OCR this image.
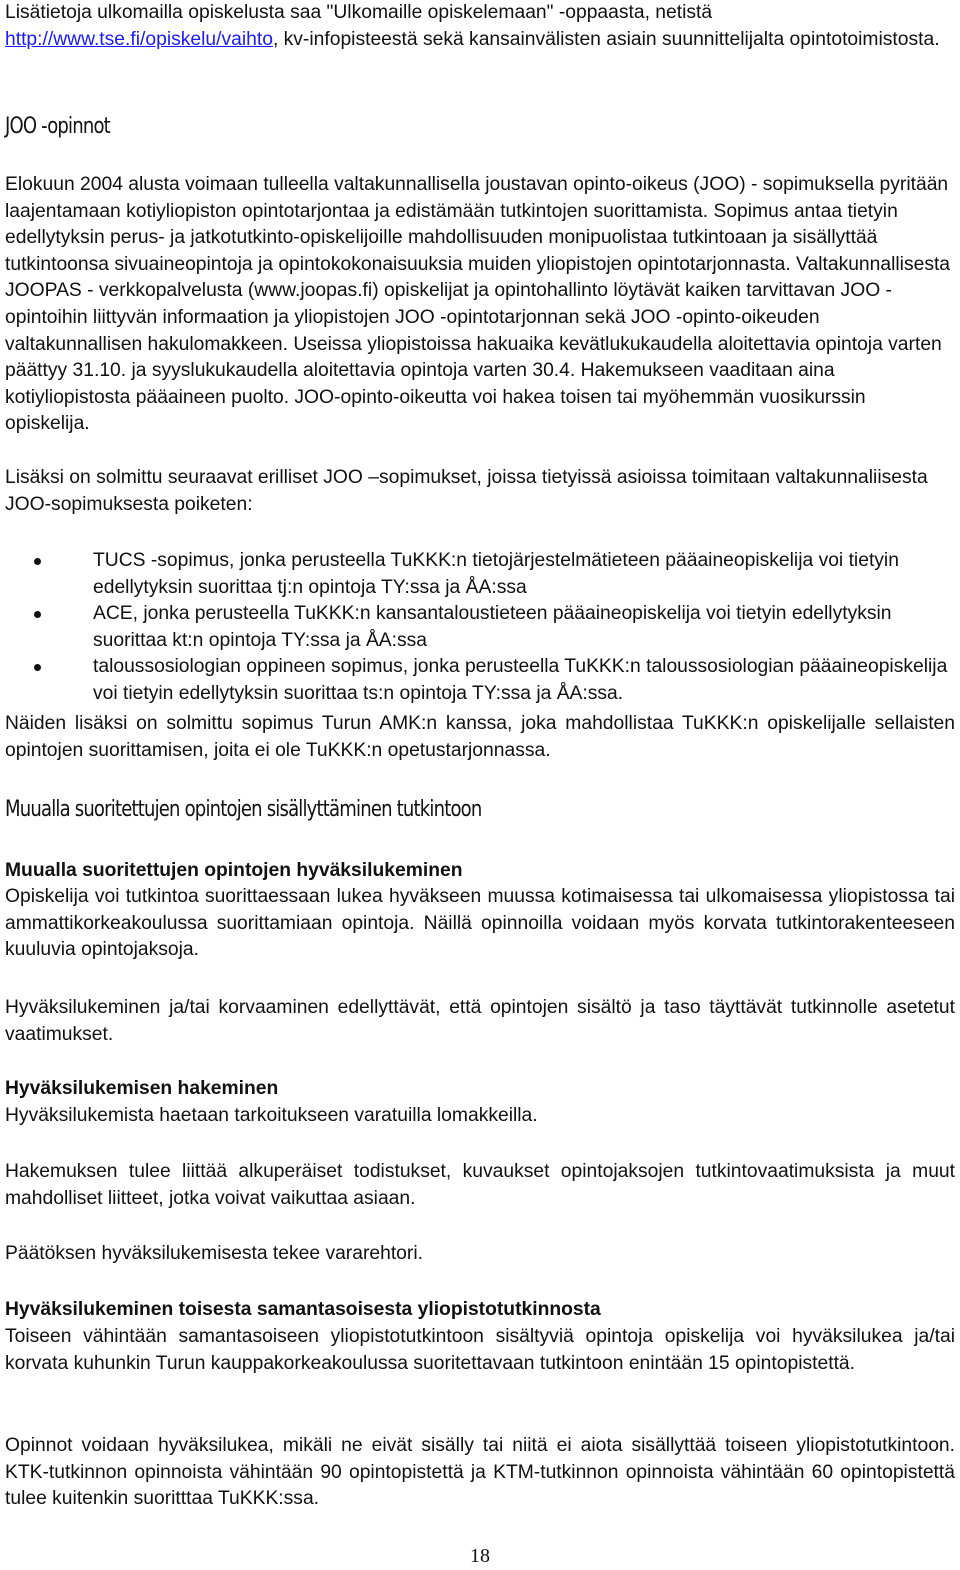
Lisätietoja ulkomailla opiskelusta saa "Ulkomaille opiskelemaan" -oppaasta, netistä http://www.tse.fi/opiskelu/vaihto, kv-infopisteestä sekä kansainvälisten asiain suunnittelijalta opintotoimistosta.

JOO -opinnot

Elokuun 2004 alusta voimaan tulleella valtakunnallisella joustavan opinto-oikeus (JOO) - sopimuksella pyritään laajentamaan kotiyliopiston opintotarjontaa ja edistämään tutkintojen suorittamista. Sopimus antaa tietyin edellytyksin perus- ja jatkotutkinto-opiskelijoille mahdollisuuden monipuolistaa tutkintoaan ja sisällyttää tutkintoonsa sivuaineopintoja ja opintokokonaisuuksia muiden yliopistojen opintotarjonnasta. Valtakunnallisesta JOOPAS - verkkopalvelusta (www.joopas.fi) opiskelijat ja opintohallinto löytävät kaiken tarvittavan JOO - opintoihin liittyvän informaation ja yliopistojen JOO -opintotarjonnan sekä JOO -opinto-oikeuden valtakunnallisen hakulomakkeen. Useissa yliopistoissa hakuaika kevätlukukaudella aloitettavia opintoja varten päättyy 31.10. ja syyslukukaudella aloitettavia opintoja varten 30.4. Hakemukseen vaaditaan aina kotiyliopistosta pääaineen puolto. JOO-opinto-oikeutta voi hakea toisen tai myöhemmän vuosikurssin opiskelija.

Lisäksi on solmittu seuraavat erilliset JOO –sopimukset, joissa tietyissä asioissa toimitaan valtakunnaliisesta JOO-sopimuksesta poiketen:

TUCS -sopimus, jonka perusteella TuKKK:n tietojärjestelmätieteen pääaineopiskelija voi tietyin edellytyksin suorittaa tj:n opintoja TY:ssa ja ÅA:ssa
ACE, jonka perusteella TuKKK:n kansantaloustieteen pääaineopiskelija voi tietyin edellytyksin suorittaa kt:n opintoja TY:ssa ja ÅA:ssa
taloussosiologian oppineen sopimus, jonka perusteella TuKKK:n taloussosiologian pääaineopiskelija voi tietyin edellytyksin suorittaa ts:n opintoja TY:ssa ja ÅA:ssa.

Näiden lisäksi on solmittu sopimus Turun AMK:n kanssa, joka mahdollistaa TuKKK:n opiskelijalle sellaisten opintojen suorittamisen, joita ei ole TuKKK:n opetustarjonnassa.

Muualla suoritettujen opintojen sisällyttäminen tutkintoon

Muualla suoritettujen opintojen hyväksilukeminen

Opiskelija voi tutkintoa suorittaessaan lukea hyväkseen muussa kotimaisessa tai ulkomaisessa yliopistossa tai ammattikorkeakoulussa suorittamiaan opintoja. Näillä opinnoilla voidaan myös korvata tutkintorakenteeseen kuuluvia opintojaksoja.

Hyväksilukeminen ja/tai korvaaminen edellyttävät, että opintojen sisältö ja taso täyttävät tutkinnolle asetetut vaatimukset.

Hyväksilukemisen hakeminen

Hyväksilukemista haetaan tarkoitukseen varatuilla lomakkeilla.

Hakemuksen tulee liittää alkuperäiset todistukset, kuvaukset opintojaksojen tutkintovaatimuksista ja muut mahdolliset liitteet, jotka voivat vaikuttaa asiaan.

Päätöksen hyväksilukemisesta tekee vararehtori.

Hyväksilukeminen toisesta samantasoisesta yliopistotutkinnosta

Toiseen vähintään samantasoiseen yliopistotutkintoon sisältyviä opintoja opiskelija voi hyväksilukea ja/tai korvata kuhunkin Turun kauppakorkeakoulussa suoritettavaan tutkintoon enintään 15 opintopistettä.

Opinnot voidaan hyväksilukea, mikäli ne eivät sisälly tai niitä ei aiota sisällyttää toiseen yliopistotutkintoon. KTK-tutkinnon opinnoista vähintään 90 opintopistettä ja KTM-tutkinnon opinnoista vähintään 60 opintopistettä tulee kuitenkin suoritttaa TuKKK:ssa.

18
